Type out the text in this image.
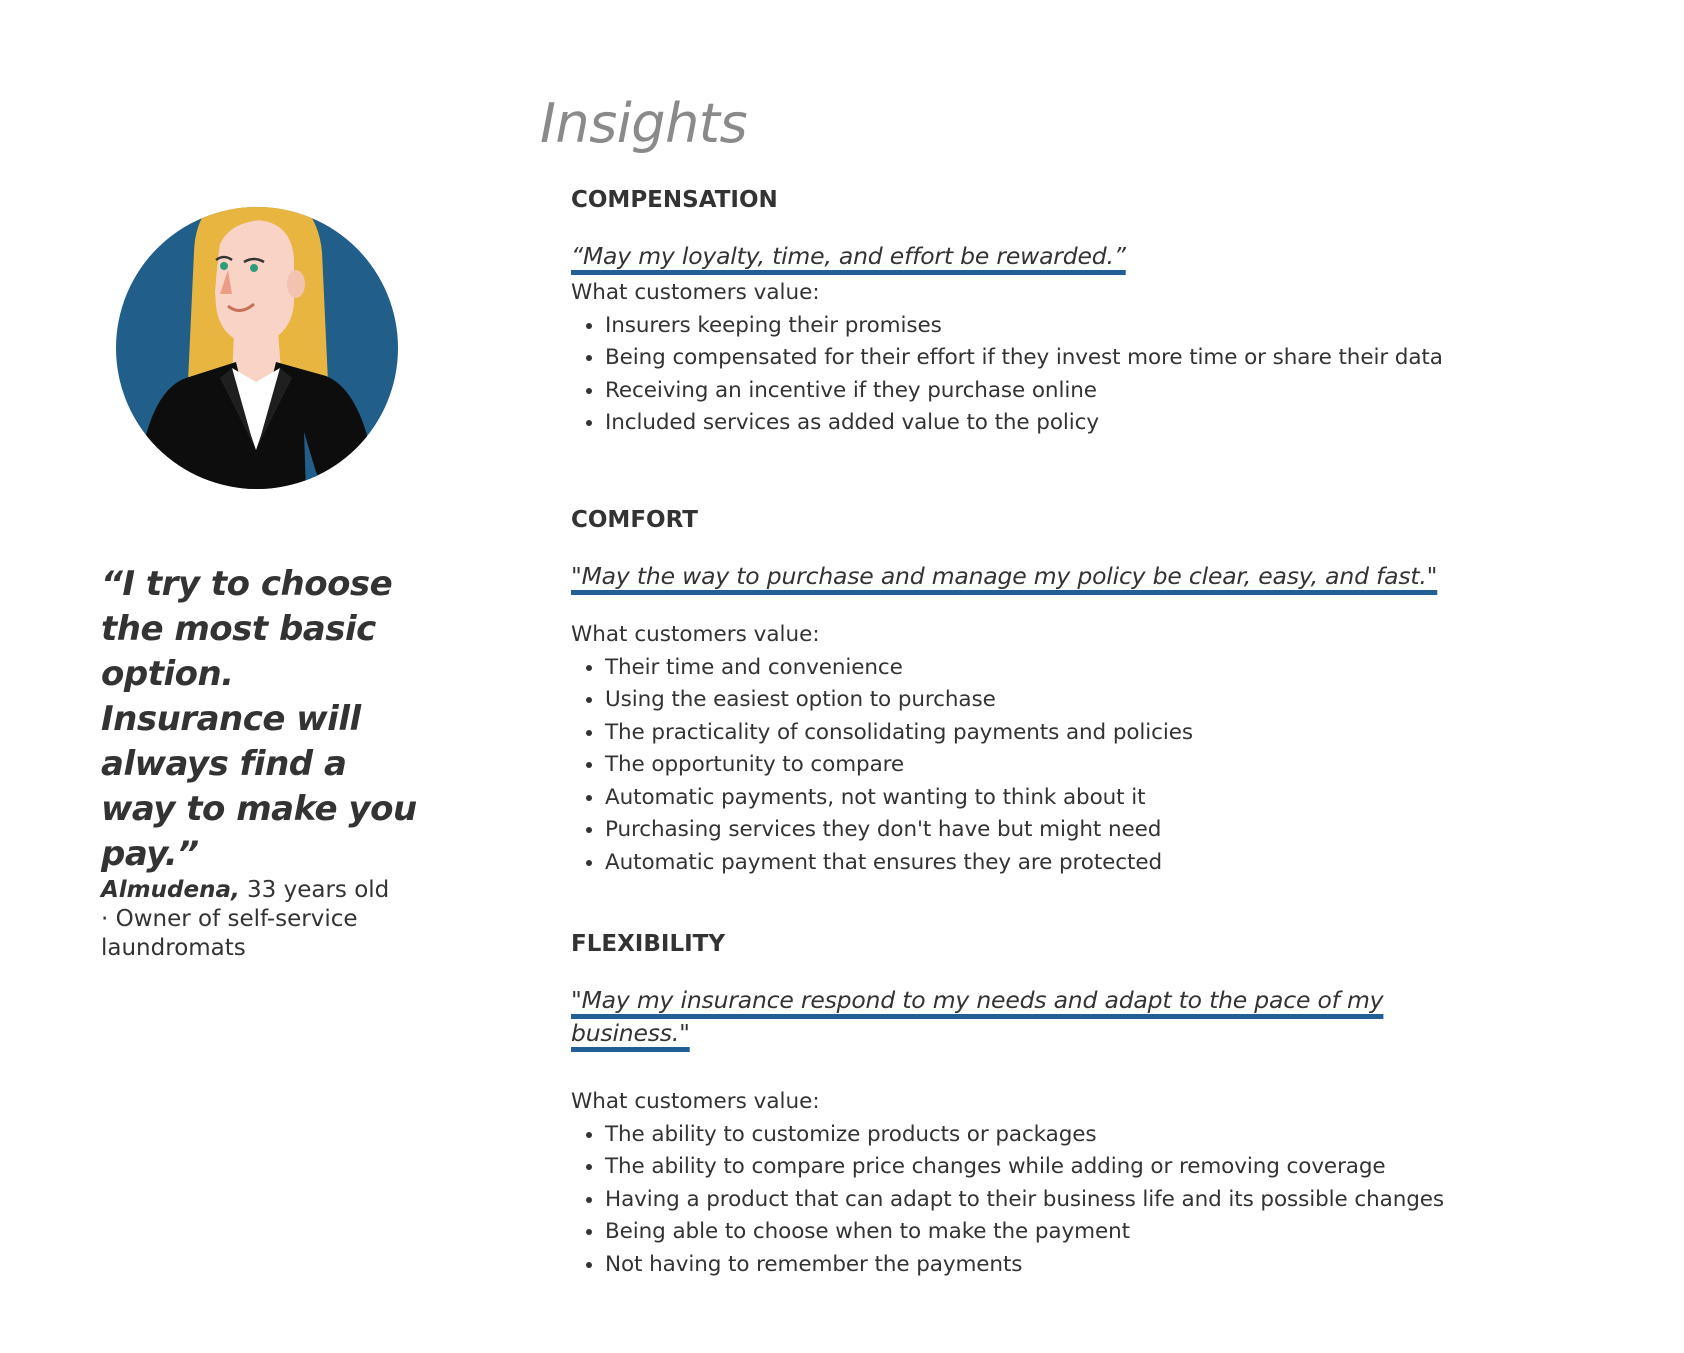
“I try to choose the most basic option. Insurance will always find a way to make you pay.”

Almudena, 33 years old · Owner of self-service laundromats

Insights
COMPENSATION
“May my loyalty, time, and effort be rewarded.”

What customers value:

• Insurers keeping their promises
• Being compensated for their effort if they invest more time or share their data
• Receiving an incentive if they purchase online
• Included services as added value to the policy
COMFORT
"May the way to purchase and manage my policy be clear, easy, and fast."

What customers value:

• Their time and convenience
• Using the easiest option to purchase
• The practicality of consolidating payments and policies
• The opportunity to compare
• Automatic payments, not wanting to think about it
• Purchasing services they don't have but might need
• Automatic payment that ensures they are protected
FLEXIBILITY
"May my insurance respond to my needs and adapt to the pace of my business."

What customers value:

• The ability to customize products or packages
• The ability to compare price changes while adding or removing coverage
• Having a product that can adapt to their business life and its possible changes
• Being able to choose when to make the payment
• Not having to remember the payments
